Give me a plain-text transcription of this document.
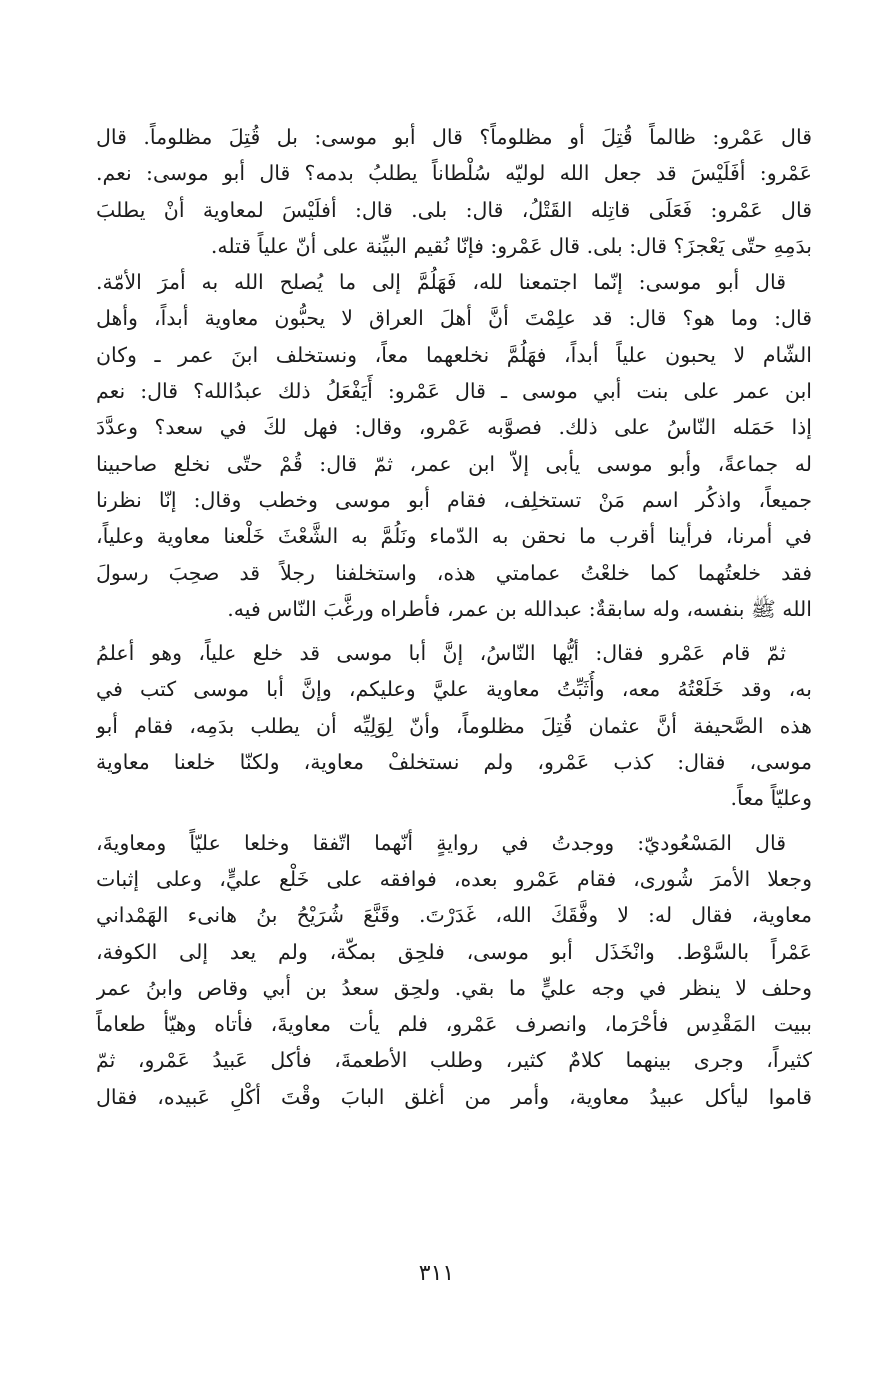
قال عَمْرو: ظالماً قُتِلَ أو مظلوماً؟ قال أبو موسى: بل قُتِلَ مظلوماً. قال
عَمْرو: أفَلَيْسَ قد جعل الله لوليّه سُلْطاناً يطلبُ بدمه؟ قال أبو موسى: نعم.
قال عَمْرو: فَعَلَى قاتِله القَتْلُ، قال: بلى. قال: أفلَيْسَ لمعاوية أنْ يطلبَ
بدَمِهِ حتّى يَعْجزَ؟ قال: بلى. قال عَمْرو: فإنّا نُقيم البيِّنة على أنّ علياً قتله.
قال أبو موسى: إنّما اجتمعنا لله، فَهَلُمَّ إلى ما يُصلح الله به أمرَ الأمّة.
قال: وما هو؟ قال: قد علِمْتَ أنَّ أهلَ العراق لا يحبُّون معاوية أبداً، وأهل
الشّام لا يحبون علياً أبداً، فهَلُمَّ نخلعهما معاً، ونستخلف ابنَ عمر ـ وكان
ابن عمر على بنت أبي موسى ـ قال عَمْرو: أَيَفْعَلُ ذلك عبدُالله؟ قال: نعم
إذا حَمَله النّاسُ على ذلك. فصوَّبه عَمْرو، وقال: فهل لكَ في سعد؟ وعدَّدَ
له جماعةً، وأبو موسى يأبى إلاّ ابن عمر، ثمّ قال: قُمْ حتّى نخلع صاحبينا
جميعاً، واذكُر اسم مَنْ تستخلِف، فقام أبو موسى وخطب وقال: إنّا نظرنا
في أمرنا، فرأينا أقرب ما نحقن به الدّماء ونَلُمَّ به الشَّعْثَ خَلْعنا معاوية وعلياً،
فقد خلعتُهما كما خلعْتُ عمامتي هذه، واستخلفنا رجلاً قد صحِبَ رسولَ
الله ﷺ بنفسه، وله سابقةٌ: عبدالله بن عمر، فأطراه ورغَّبَ النّاس فيه.
ثمّ قام عَمْرو فقال: أيُّها النّاسُ، إنَّ أبا موسى قد خلع علياً، وهو أعلمُ
به، وقد خَلَعْتُهُ معه، وأُثَبِّتُ معاوية عليَّ وعليكم، وإنَّ أبا موسى كتب في
هذه الصَّحيفة أنَّ عثمان قُتِلَ مظلوماً، وأنّ لِوَلِيِّه أن يطلب بدَمِه، فقام أبو
موسى، فقال: كذب عَمْرو، ولم نستخلفْ معاوية، ولكنّا خلعنا معاوية
وعليّاً معاً.
قال المَسْعُوديّ: ووجدتُ في روايةٍ أنّهما اتّفقا وخلعا عليّاً ومعاويةَ،
وجعلا الأمرَ شُورى، فقام عَمْرو بعده، فوافقه على خَلْع عليٍّ، وعلى إثبات
معاوية، فقال له: لا وفَّقَكَ الله، غَدَرْتَ. وقَنَّعَ شُرَيْحُ بنُ هانىء الهَمْداني
عَمْراً بالسَّوْط. وانْخَذَل أبو موسى، فلحِق بمكّة، ولم يعد إلى الكوفة،
وحلف لا ينظر في وجه عليٍّ ما بقي. ولحِق سعدُ بن أبي وقاص وابنُ عمر
ببيت المَقْدِس فأحْرَما، وانصرف عَمْرو، فلم يأت معاويةَ، فأتاه وهيّأ طعاماً
كثيراً، وجرى بينهما كلامٌ كثير، وطلب الأطعمةَ، فأكل عَبيدُ عَمْرو، ثمّ
قاموا ليأكل عبيدُ معاوية، وأمر من أغلق البابَ وقْتَ أكْلِ عَبيده، فقال
٣١١
